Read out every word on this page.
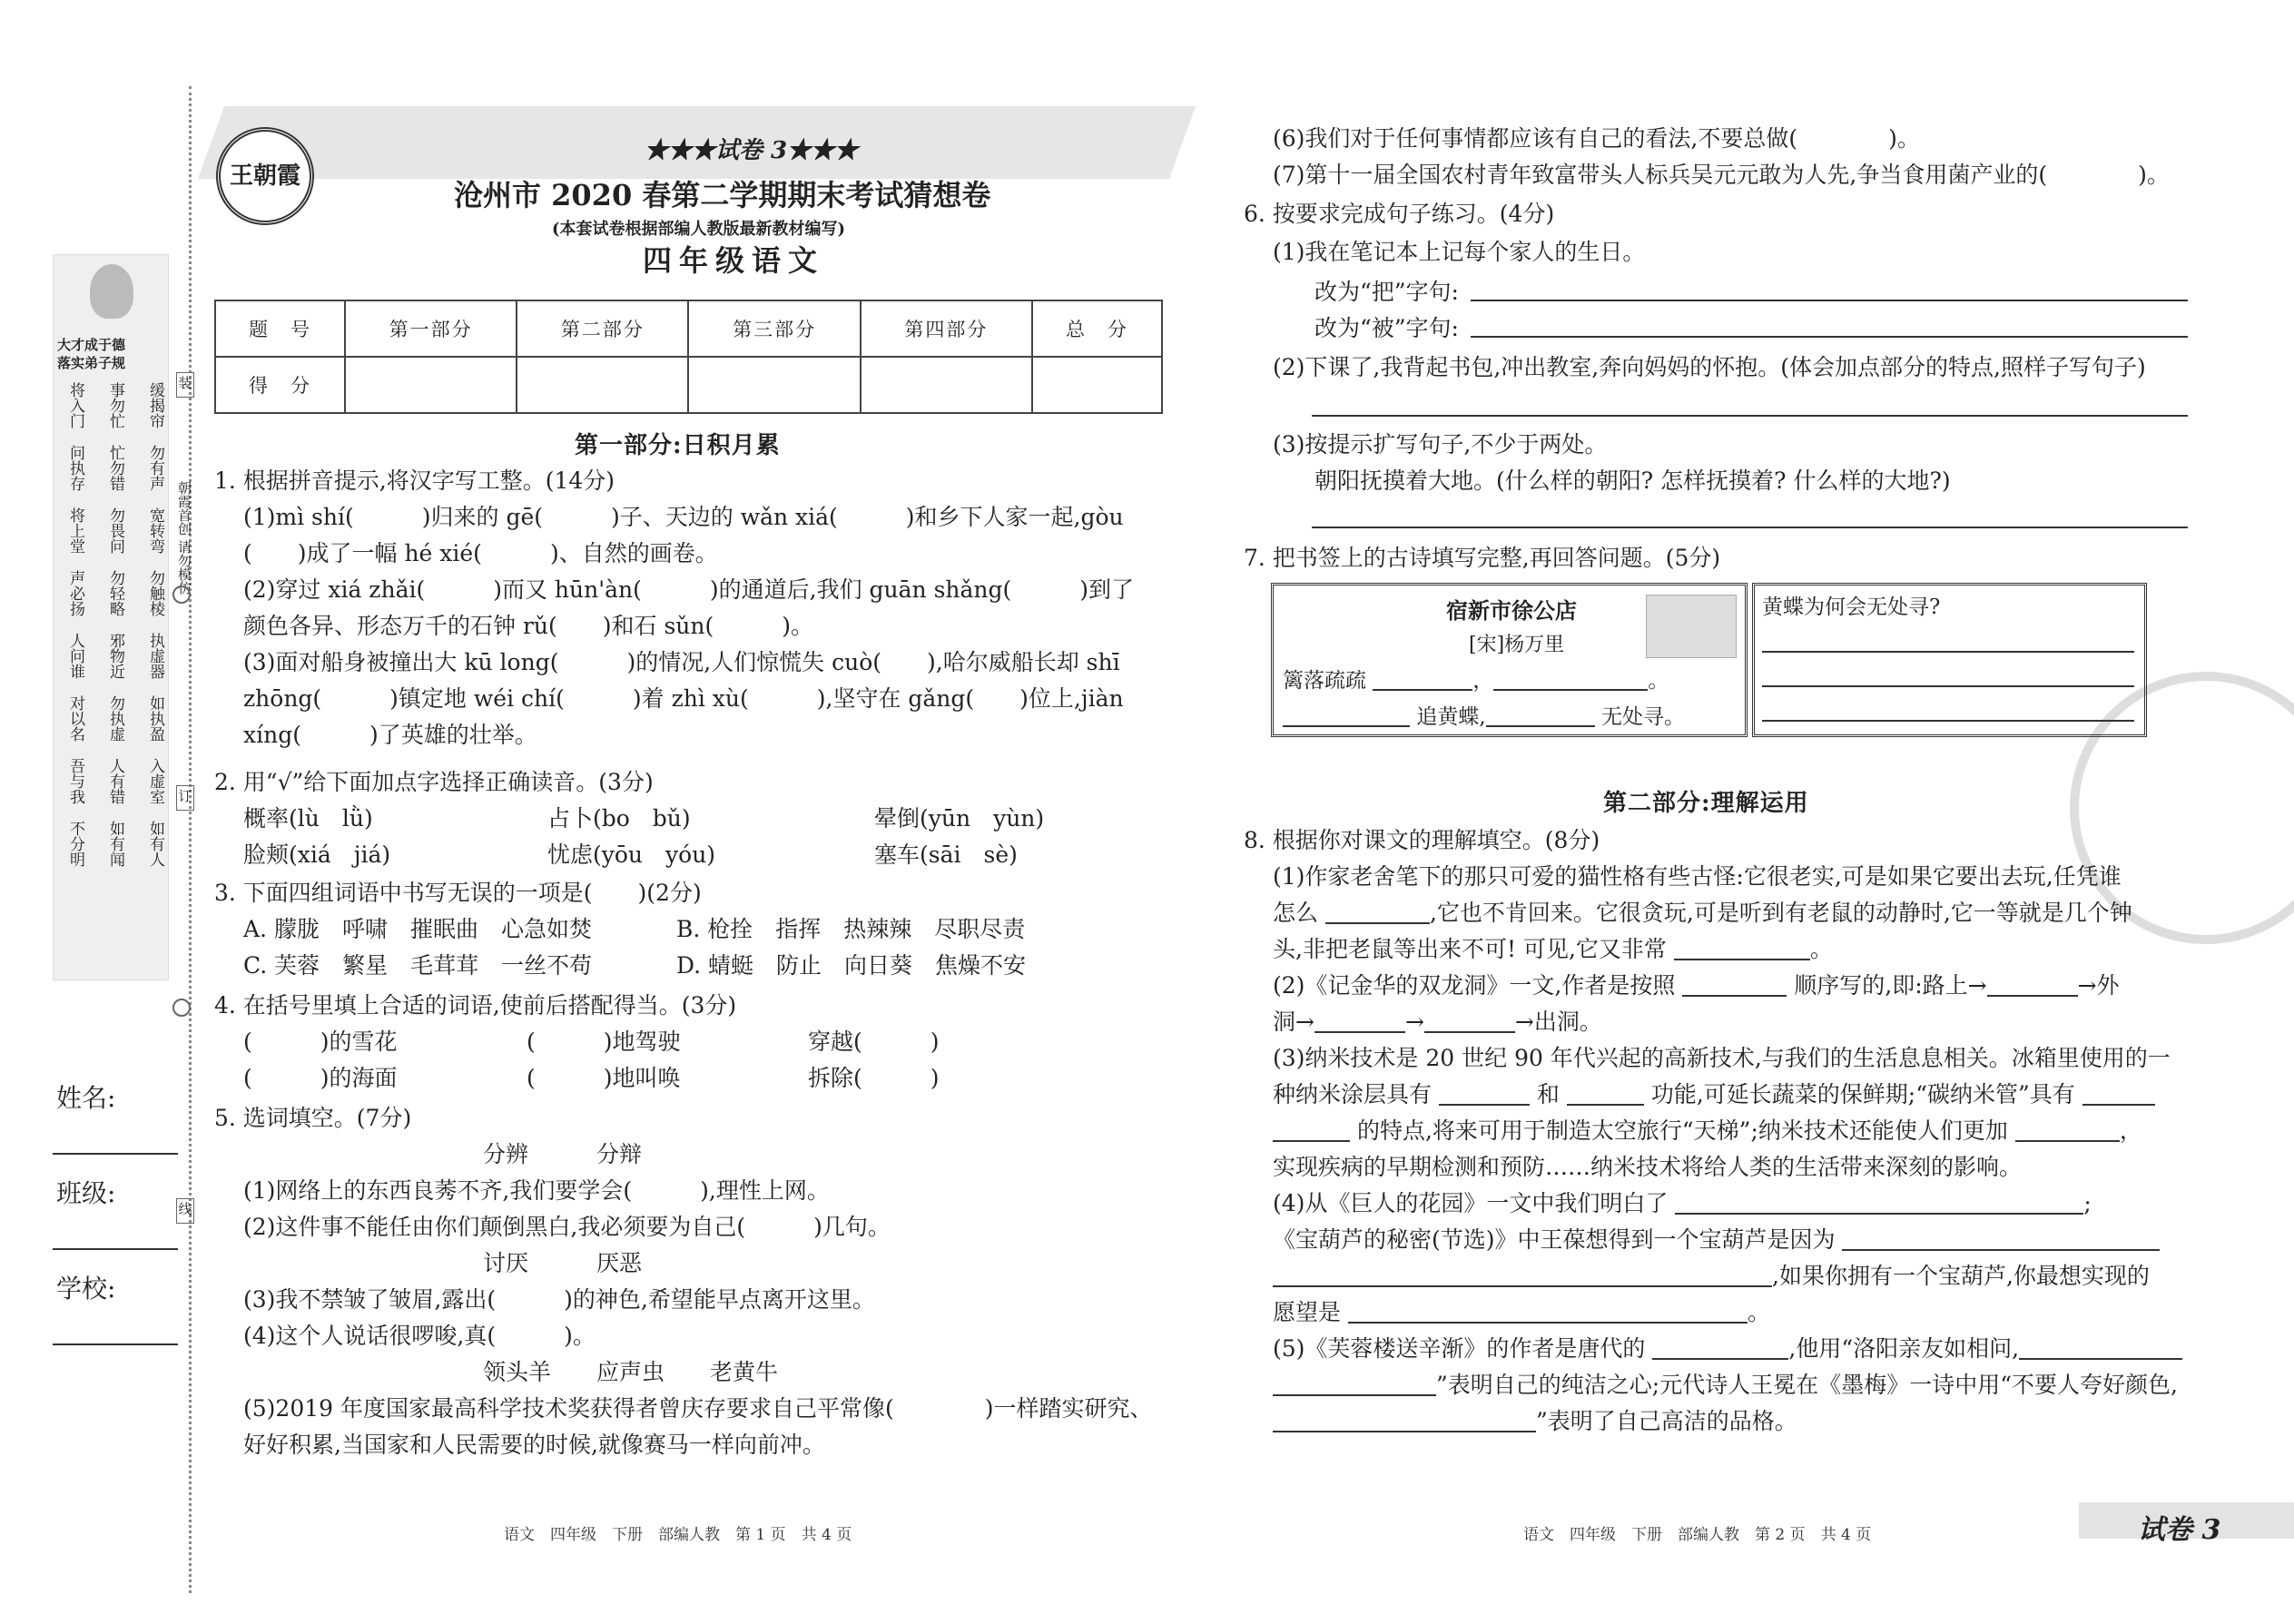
大才成于德
落实弟子规
将入门 事勿忙 缓揭帘
问执存 忙勿错 勿有声
将上堂 勿畏问 宽转弯
声必扬 勿轻略 勿触棱
人问谁 邪物近 执虚器
对以名 勿执虚 如执盈
吾与我 人有错 入虚室
不分明 如有闻 如有人
朝霞首创 请勿模仿
装
订
线
姓名:
班级:
学校:
王朝霞
★★★试卷 3★★★
沧州市 2020 春第二学期期末考试猜想卷
(本套试卷根据部编人教版最新教材编写)
四年级语文
题　号	第一部分	第二部分	第三部分	第四部分	总　分
得　分					
第一部分:日积月累
1. 根据拼音提示,将汉字写工整。(14分)
(1)mì shí(　　　)归来的 gē(　　　)子、天边的 wǎn xiá(　　　)和乡下人家一起,gòu
(　　)成了一幅 hé xié(　　　)、自然的画卷。
(2)穿过 xiá zhǎi(　　　)而又 hūn'àn(　　　)的通道后,我们 guān shǎng(　　　)到了
颜色各异、形态万千的石钟 rǔ(　　)和石 sǔn(　　　)。
(3)面对船身被撞出大 kū long(　　　)的情况,人们惊慌失 cuò(　　),哈尔威船长却 shī
zhōng(　　　)镇定地 wéi chí(　　　)着 zhì xù(　　　),坚守在 gǎng(　　)位上,jiàn
xíng(　　　)了英雄的壮举。
2. 用“√”给下面加点字选择正确读音。(3分)
概率(lù　lǜ)	占卜(bo　bǔ)	晕倒(yūn　yùn)
脸颊(xiá　jiá)	忧虑(yōu　yóu)	塞车(sāi　sè)
3. 下面四组词语中书写无误的一项是(　　)(2分)
A. 朦胧　呼啸　摧眠曲　心急如焚	B. 枪拴　指挥　热辣辣　尽职尽责
C. 芙蓉　繁星　毛茸茸　一丝不苟	D. 蜻蜓　防止　向日葵　焦燥不安
4. 在括号里填上合适的词语,使前后搭配得当。(3分)
(　　　)的雪花	(　　　)地驾驶	穿越(　　　)
(　　　)的海面	(　　　)地叫唤	拆除(　　　)
5. 选词填空。(7分)
分辨　　　分辩
(1)网络上的东西良莠不齐,我们要学会(　　　),理性上网。
(2)这件事不能任由你们颠倒黑白,我必须要为自己(　　　)几句。
讨厌　　　厌恶
(3)我不禁皱了皱眉,露出(　　　)的神色,希望能早点离开这里。
(4)这个人说话很啰唆,真(　　　)。
领头羊　　应声虫　　老黄牛
(5)2019 年度国家最高科学技术奖获得者曾庆存要求自己平常像(　　　　)一样踏实研究、
好好积累,当国家和人民需要的时候,就像赛马一样向前冲。
语文　四年级　下册　部编人教　第 1 页　共 4 页
(6)我们对于任何事情都应该有自己的看法,不要总做(　　　　)。
(7)第十一届全国农村青年致富带头人标兵吴元元敢为人先,争当食用菌产业的(　　　　)。
6. 按要求完成句子练习。(4分)
(1)我在笔记本上记每个家人的生日。
改为“把”字句:
改为“被”字句:
(2)下课了,我背起书包,冲出教室,奔向妈妈的怀抱。(体会加点部分的特点,照样子写句子)
(3)按提示扩写句子,不少于两处。
朝阳抚摸着大地。(什么样的朝阳? 怎样抚摸着? 什么样的大地?)
7. 把书签上的古诗填写完整,再回答问题。(5分)
宿新市徐公店
[宋]杨万里
篱落疏疏	，	。
追黄蝶,	无处寻。
黄蝶为何会无处寻?
第二部分:理解运用
8. 根据你对课文的理解填空。(8分)
(1)作家老舍笔下的那只可爱的猫性格有些古怪:它很老实,可是如果它要出去玩,任凭谁
怎么	,它也不肯回来。它很贪玩,可是听到有老鼠的动静时,它一等就是几个钟
头,非把老鼠等出来不可! 可见,它又非常	。
(2)《记金华的双龙洞》一文,作者是按照	顺序写的,即:路上→	→外
洞→	→	→出洞。
(3)纳米技术是 20 世纪 90 年代兴起的高新技术,与我们的生活息息相关。冰箱里使用的一
种纳米涂层具有	和	功能,可延长蔬菜的保鲜期;“碳纳米管”具有
的特点,将来可用于制造太空旅行“天梯”;纳米技术还能使人们更加	，
实现疾病的早期检测和预防……纳米技术将给人类的生活带来深刻的影响。
(4)从《巨人的花园》一文中我们明白了	;
《宝葫芦的秘密(节选)》中王葆想得到一个宝葫芦是因为
,如果你拥有一个宝葫芦,你最想实现的
愿望是	。
(5)《芙蓉楼送辛渐》的作者是唐代的	,他用“洛阳亲友如相问,
”表明自己的纯洁之心;元代诗人王冕在《墨梅》一诗中用“不要人夸好颜色,
”表明了自己高洁的品格。
语文　四年级　下册　部编人教　第 2 页　共 4 页	试卷 3
